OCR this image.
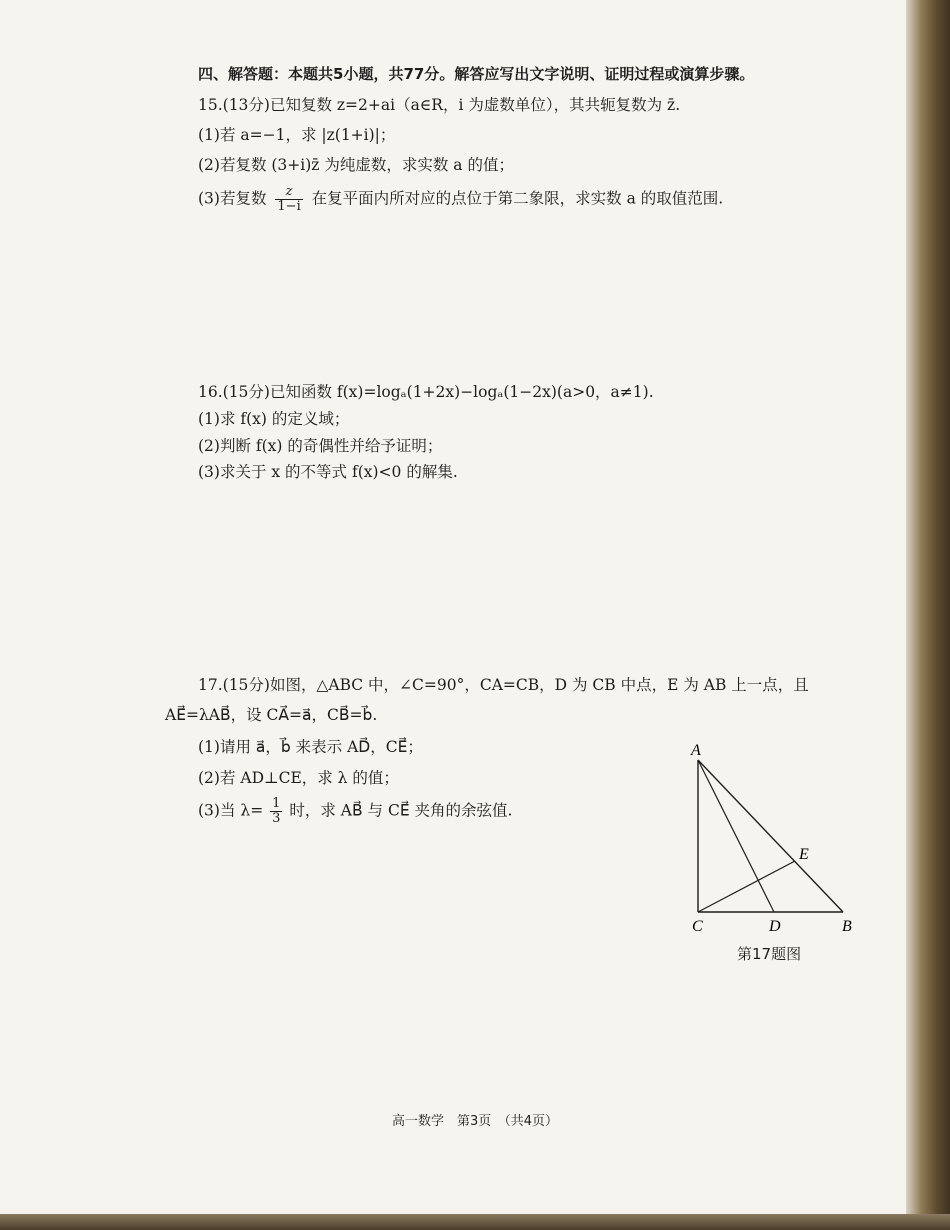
四、解答题：本题共5小题，共77分。解答应写出文字说明、证明过程或演算步骤。
15.(13分)已知复数 z=2+ai（a∈R，i 为虚数单位），其共轭复数为 z̄.
(1)若 a=−1，求 |z(1+i)|；
(2)若复数 (3+i)z̄ 为纯虚数，求实数 a 的值；
(3)若复数 $\frac{z}{1-i}$ 在复平面内所对应的点位于第二象限，求实数 a 的取值范围.
16.(15分)已知函数 f(x)=logₐ(1+2x)−logₐ(1−2x)(a>0，a≠1).
(1)求 f(x) 的定义域；
(2)判断 f(x) 的奇偶性并给予证明；
(3)求关于 x 的不等式 f(x)<0 的解集.
17.(15分)如图，△ABC 中，∠C=90°，CA=CB，D 为 CB 中点，E 为 AB 上一点，且
AE⃗=λAB⃗，设 CA⃗=a⃗，CB⃗=b⃗.
(1)请用 a⃗，b⃗ 来表示 AD⃗，CE⃗；
(2)若 AD⊥CE，求 λ 的值；
(3)当 $\lambda= \frac{1}{3}$ 时，求 AB⃗ 与 CE⃗ 夹角的余弦值.
A
C	D	B
E
第17题图
高一数学　第3页　（共4页）
